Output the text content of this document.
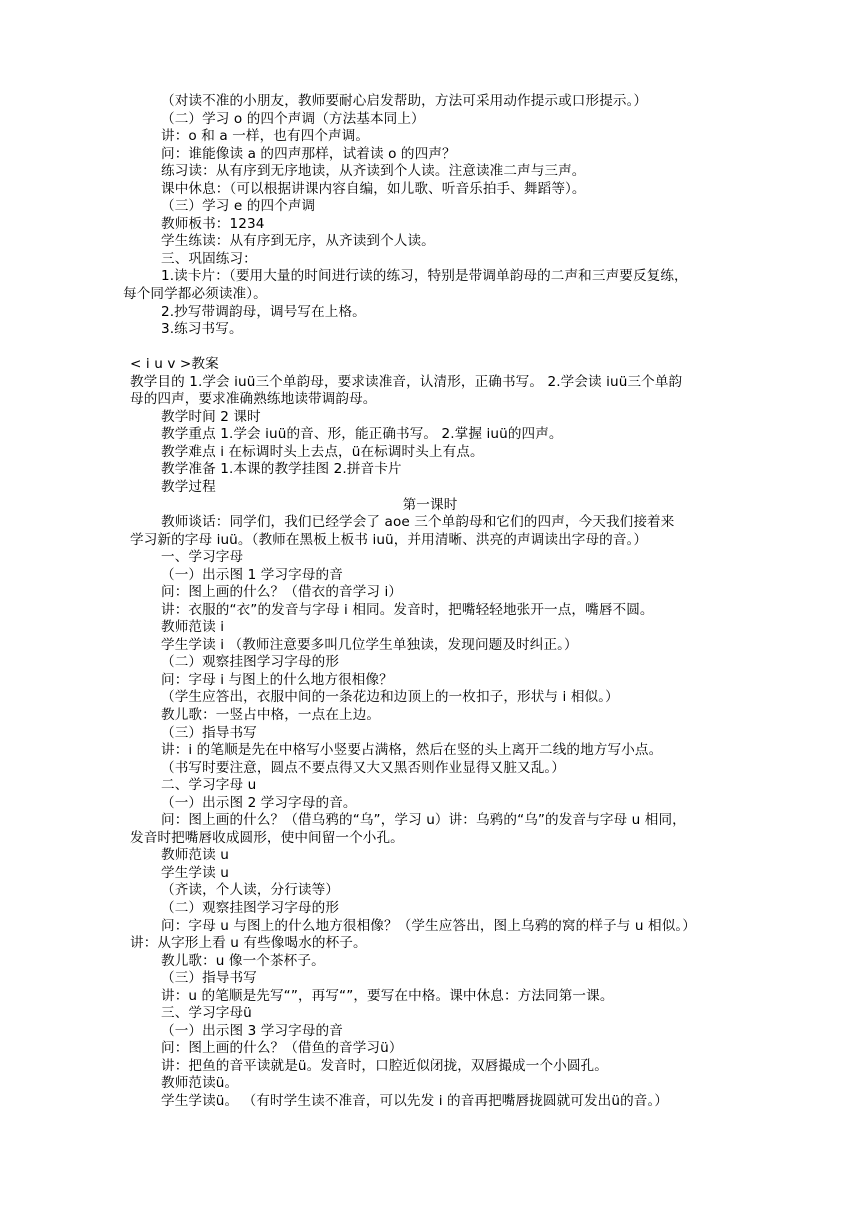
（对读不准的小朋友，教师要耐心启发帮助，方法可采用动作提示或口形提示。）
（二）学习 o 的四个声调（方法基本同上）
讲：o 和 a 一样，也有四个声调。
问：谁能像读 a 的四声那样，试着读 o 的四声？
练习读：从有序到无序地读，从齐读到个人读。注意读准二声与三声。
课中休息：（可以根据讲课内容自编，如儿歌、听音乐拍手、舞蹈等）。
（三）学习 e 的四个声调
教师板书：1234
学生练读：从有序到无序，从齐读到个人读。
三、巩固练习：
1.读卡片：（要用大量的时间进行读的练习，特别是带调单韵母的二声和三声要反复练，
每个同学都必须读准）。
2.抄写带调韵母，调号写在上格。
3.练习书写。
< i u v >教案
教学目的 1.学会 iuü三个单韵母，要求读准音，认清形，正确书写。 2.学会读 iuü三个单韵
母的四声，要求准确熟练地读带调韵母。
教学时间 2 课时
教学重点 1.学会 iuü的音、形，能正确书写。 2.掌握 iuü的四声。
教学难点 i 在标调时头上去点，ü在标调时头上有点。
教学准备 1.本课的教学挂图 2.拼音卡片
教学过程
第一课时
教师谈话：同学们，我们已经学会了 aoe 三个单韵母和它们的四声，今天我们接着来
学习新的字母 iuü。（教师在黑板上板书 iuü，并用清晰、洪亮的声调读出字母的音。）
一、学习字母
（一）出示图 1 学习字母的音
问：图上画的什么？（借衣的音学习 i）
讲：衣服的“衣”的发音与字母 i 相同。发音时，把嘴轻轻地张开一点，嘴唇不圆。
教师范读 i
学生学读 i （教师注意要多叫几位学生单独读，发现问题及时纠正。）
（二）观察挂图学习字母的形
问：字母 i 与图上的什么地方很相像？
（学生应答出，衣服中间的一条花边和边顶上的一枚扣子，形状与 i 相似。）
教儿歌：一竖占中格，一点在上边。
（三）指导书写
讲：i 的笔顺是先在中格写小竖要占满格，然后在竖的头上离开二线的地方写小点。
（书写时要注意，圆点不要点得又大又黑否则作业显得又脏又乱。）
二、学习字母 u
（一）出示图 2 学习字母的音。
问：图上画的什么？（借乌鸦的“乌”，学习 u）讲：乌鸦的“乌”的发音与字母 u 相同，
发音时把嘴唇收成圆形，使中间留一个小孔。
教师范读 u
学生学读 u
（齐读，个人读，分行读等）
（二）观察挂图学习字母的形
问：字母 u 与图上的什么地方很相像？（学生应答出，图上乌鸦的窝的样子与 u 相似。）
讲：从字形上看 u 有些像喝水的杯子。
教儿歌：u 像一个茶杯子。
（三）指导书写
讲：u 的笔顺是先写“”，再写“”，要写在中格。课中休息：方法同第一课。
三、学习字母ü
（一）出示图 3 学习字母的音
问：图上画的什么？（借鱼的音学习ü）
讲：把鱼的音平读就是ü。发音时，口腔近似闭拢，双唇撮成一个小圆孔。
教师范读ü。
学生学读ü。 （有时学生读不准音，可以先发 i 的音再把嘴唇拢圆就可发出ü的音。）
